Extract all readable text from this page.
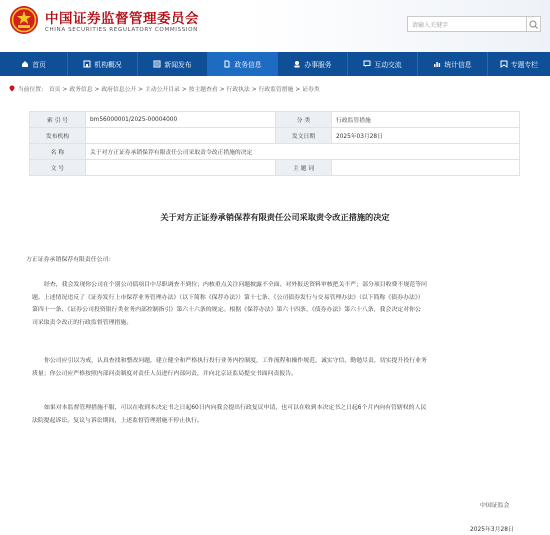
中国证券监督管理委员会
CHINA SECURITIES REGULATORY COMMISSION
请输入关键字
首页	机构概况	新闻发布	政务信息	办事服务	互动交流	统计信息	专题专栏
当前位置： 首页 > 政务信息 > 政府信息公开 > 主动公开目录 > 按主题查看 > 行政执法 > 行政监管措施 > 证券类
索 引 号	bm56000001/2025-00004000	分 类	行政监管措施
发布机构		发文日期	2025年03月28日
名 称	关于对方正证券承销保荐有限责任公司采取责令改正措施的决定		
文 号		主 题 词	
关于对方正证券承销保荐有限责任公司采取责令改正措施的决定
方正证券承销保荐有限责任公司：
经查，我会发现你公司在个别公司债项目中尽职调查不到位；内核重点关注问题披露不全面、对外报送资料审核把关不严；部分项目收费不规范等问
题。上述情况违反了《证券发行上市保荐业务管理办法》（以下简称《保荐办法》）第十七条、《公司债券发行与交易管理办法》（以下简称《债券办法》）
第四十一条、《证券公司投资银行类业务内部控制指引》第六十六条的规定。根据《保荐办法》第六十四条、《债券办法》第六十八条，我会决定对你公
司采取责令改正的行政监督管理措施。
你公司应引以为戒，认真查找和整改问题，建立健全和严格执行投行业务内控制度，工作流程和操作规范，诚实守信、勤勉尽责，切实提升投行业务
质量；你公司应严格按照内部问责制度对责任人员进行内部问责，并向北京证监局提交书面问责报告。
如果对本监督管理措施不服，可以在收到本决定书之日起60日内向我会提出行政复议申请，也可以在收到本决定书之日起6个月内向有管辖权的人民
法院提起诉讼。复议与诉讼期间，上述监督管理措施不停止执行。
中国证监会
2025年3月28日
